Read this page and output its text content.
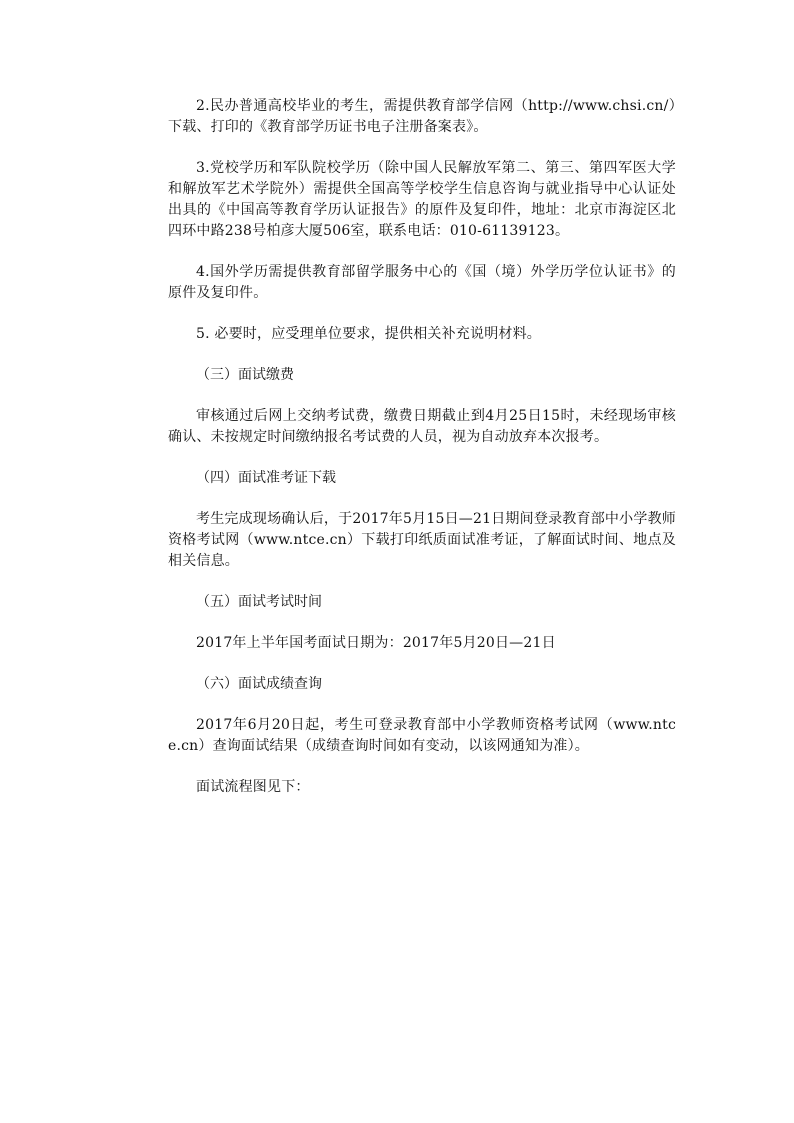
2.民办普通高校毕业的考生，需提供教育部学信网（http://www.chsi.cn/）下载、打印的《教育部学历证书电子注册备案表》。

3.党校学历和军队院校学历（除中国人民解放军第二、第三、第四军医大学和解放军艺术学院外）需提供全国高等学校学生信息咨询与就业指导中心认证处出具的《中国高等教育学历认证报告》的原件及复印件，地址：北京市海淀区北四环中路238号柏彦大厦506室，联系电话：010-61139123。

4.国外学历需提供教育部留学服务中心的《国（境）外学历学位认证书》的原件及复印件。

5. 必要时，应受理单位要求，提供相关补充说明材料。

（三）面试缴费

审核通过后网上交纳考试费，缴费日期截止到4月25日15时，未经现场审核确认、未按规定时间缴纳报名考试费的人员，视为自动放弃本次报考。

（四）面试准考证下载

考生完成现场确认后，于2017年5月15日—21日期间登录教育部中小学教师资格考试网（www.ntce.cn）下载打印纸质面试准考证，了解面试时间、地点及相关信息。

（五）面试考试时间

2017年上半年国考面试日期为：2017年5月20日—21日

（六）面试成绩查询

2017年6月20日起，考生可登录教育部中小学教师资格考试网（www.ntce.cn）查询面试结果（成绩查询时间如有变动，以该网通知为准）。

面试流程图见下：
